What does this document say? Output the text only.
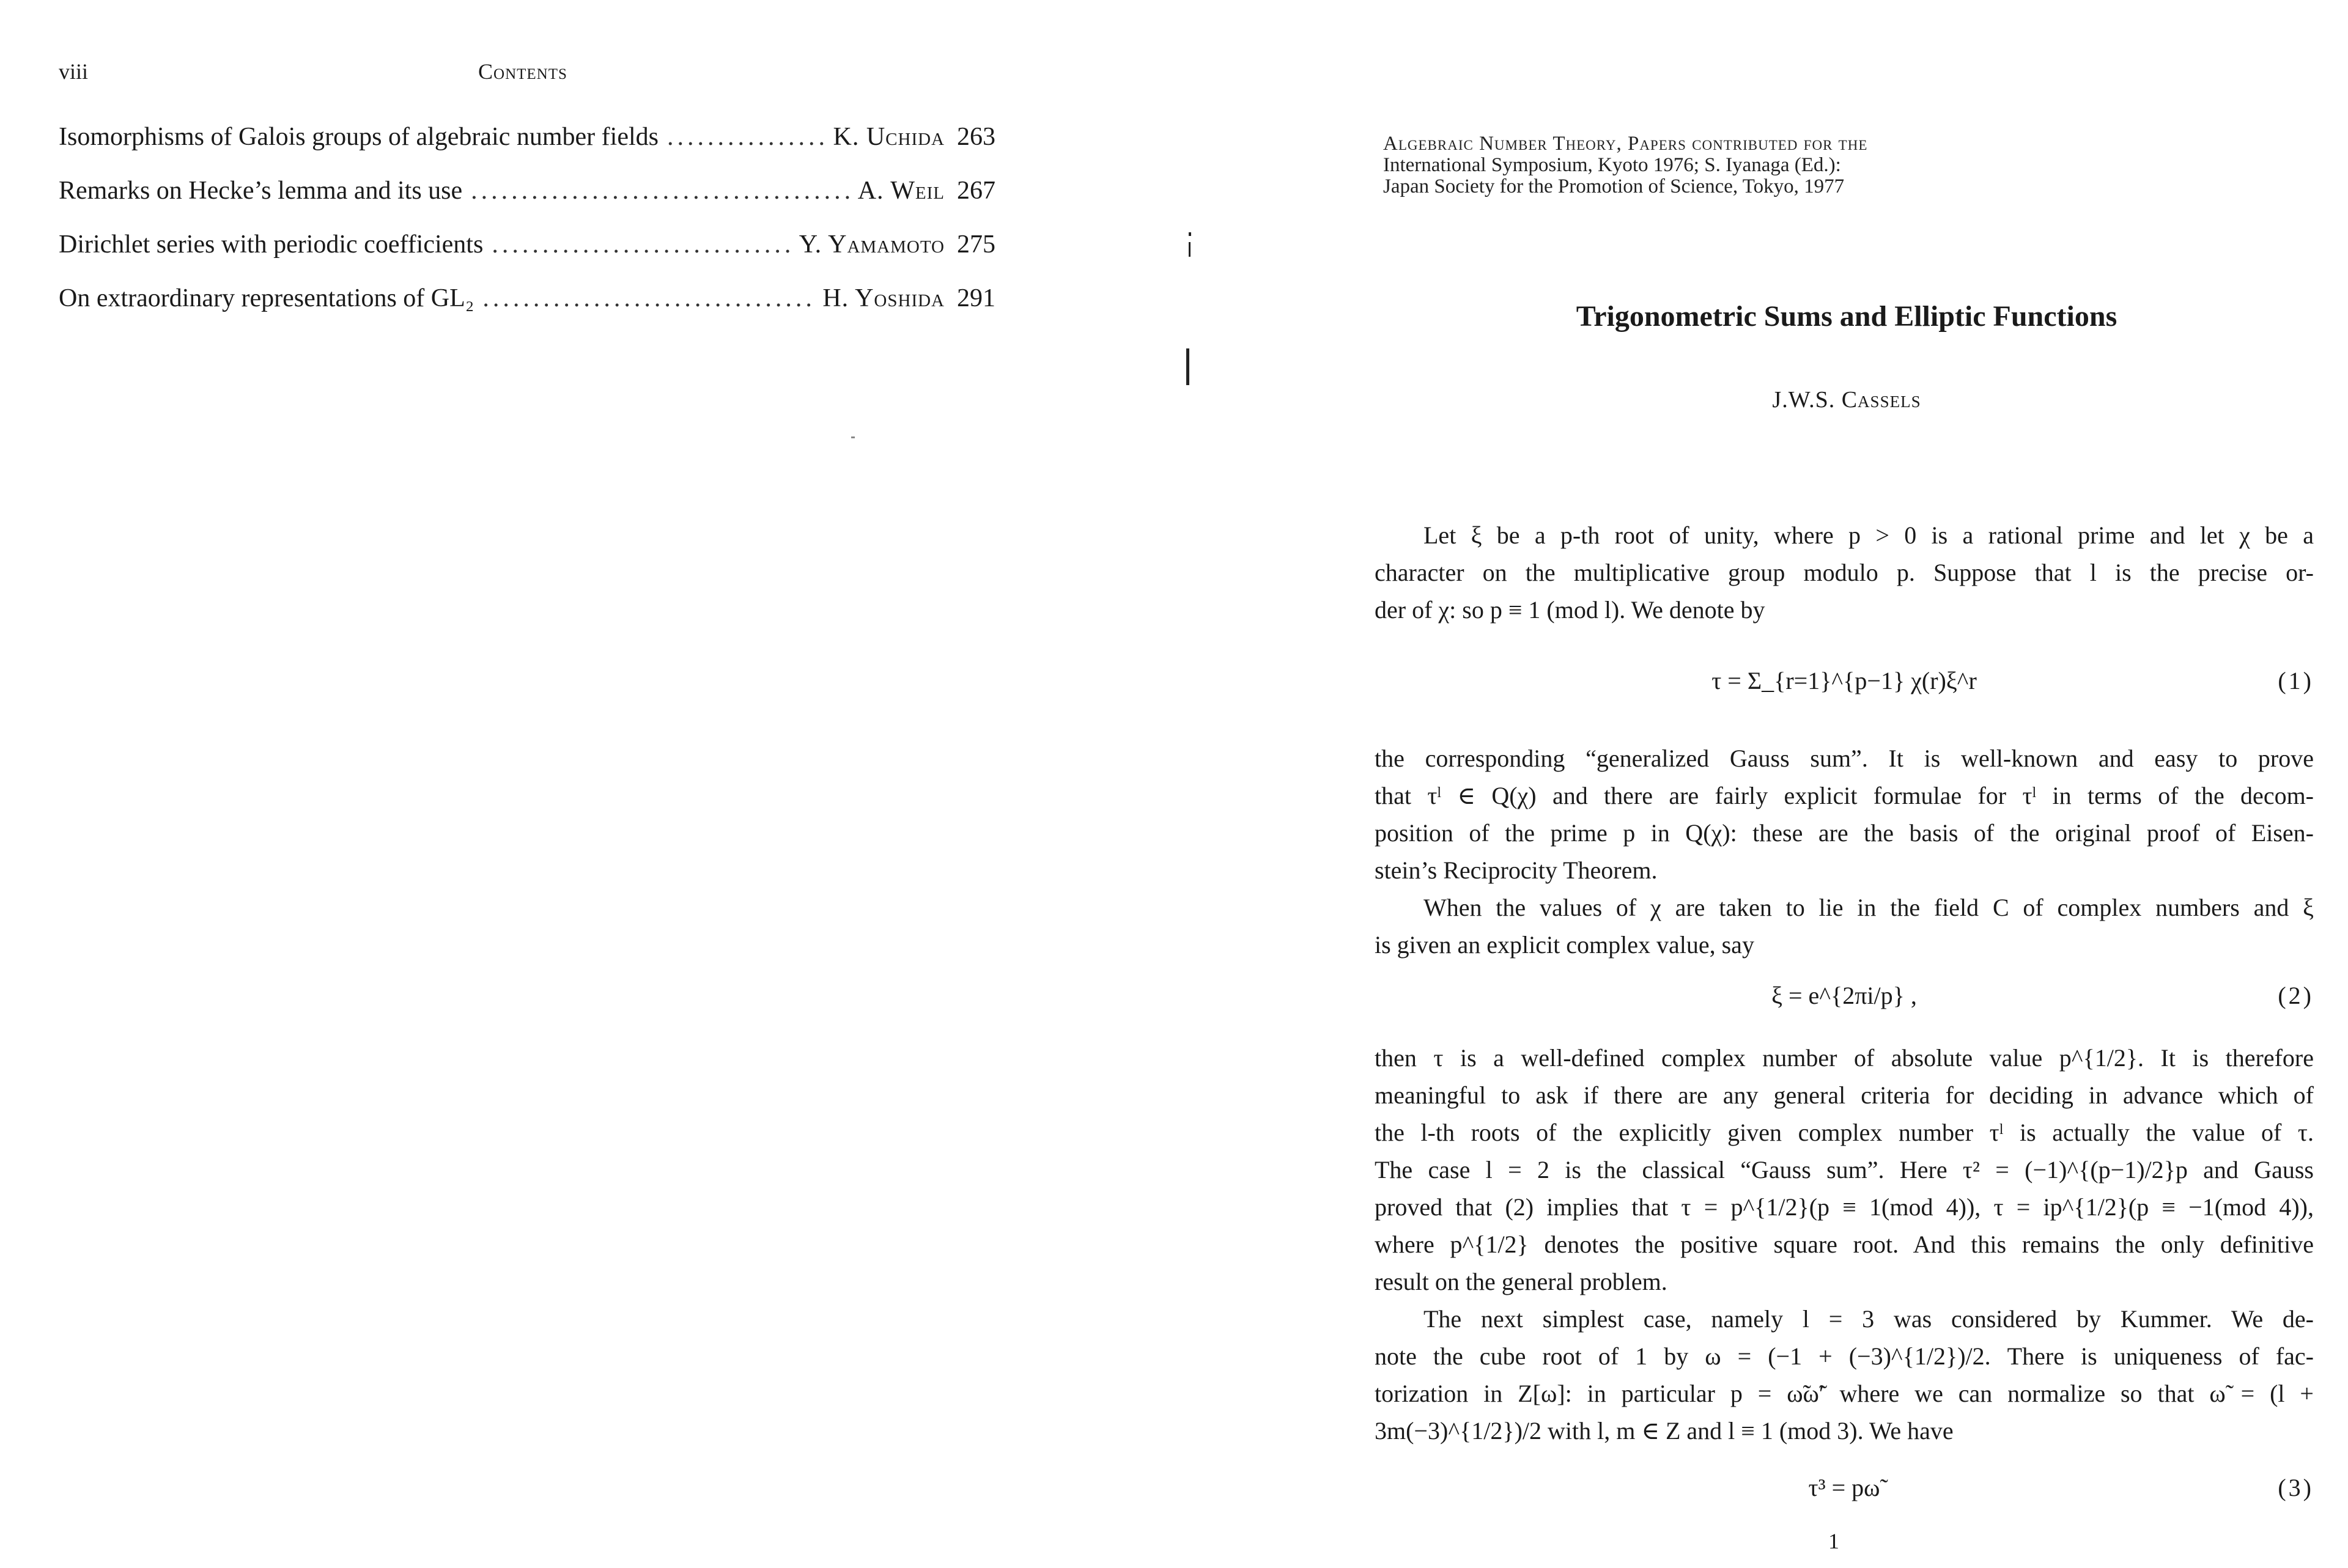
viii	Contents
Isomorphisms of Galois groups of algebraic number fields .....	K. Uchida 263
Remarks on Hecke’s lemma and its use .....	A. Weil 267
Dirichlet series with periodic coefficients .....	Y. Yamamoto 275
On extraordinary representations of GL₂ .....	H. Yoshida 291
Algebraic Number Theory, Papers contributed for the
International Symposium, Kyoto 1976; S. Iyanaga (Ed.):
Japan Society for the Promotion of Science, Tokyo, 1977
Trigonometric Sums and Elliptic Functions
J.W.S. Cassels
Let ξ be a p-th root of unity, where p > 0 is a rational prime and let χ be a
character on the multiplicative group modulo p. Suppose that l is the precise or-
der of χ: so p ≡ 1 (mod l). We denote by
τ = Σ_{r=1}^{p−1} χ(r)ξ^r	(1)
the corresponding “generalized Gauss sum”. It is well-known and easy to prove
that τˡ ∈ Q(χ) and there are fairly explicit formulae for τˡ in terms of the decom-
position of the prime p in Q(χ): these are the basis of the original proof of Eisen-
stein’s Reciprocity Theorem.
When the values of χ are taken to lie in the field C of complex numbers and ξ
is given an explicit complex value, say
ξ = e^{2πi/p} ,	(2)
then τ is a well-defined complex number of absolute value p^{1/2}. It is therefore
meaningful to ask if there are any general criteria for deciding in advance which of
the l-th roots of the explicitly given complex number τˡ is actually the value of τ.
The case l = 2 is the classical “Gauss sum”. Here τ² = (−1)^{(p−1)/2}p and Gauss
proved that (2) implies that τ = p^{1/2}(p ≡ 1(mod 4)), τ = ip^{1/2}(p ≡ −1(mod 4)),
where p^{1/2} denotes the positive square root. And this remains the only definitive
result on the general problem.
The next simplest case, namely l = 3 was considered by Kummer. We de-
note the cube root of 1 by ω = (−1 + (−3)^{1/2})/2. There is uniqueness of fac-
torization in Z[ω]: in particular p = ω̃ω̃′ where we can normalize so that ω̃ = (l +
3m(−3)^{1/2})/2 with l, m ∈ Z and l ≡ 1 (mod 3). We have
τ³ = pω̃	(3)
1
